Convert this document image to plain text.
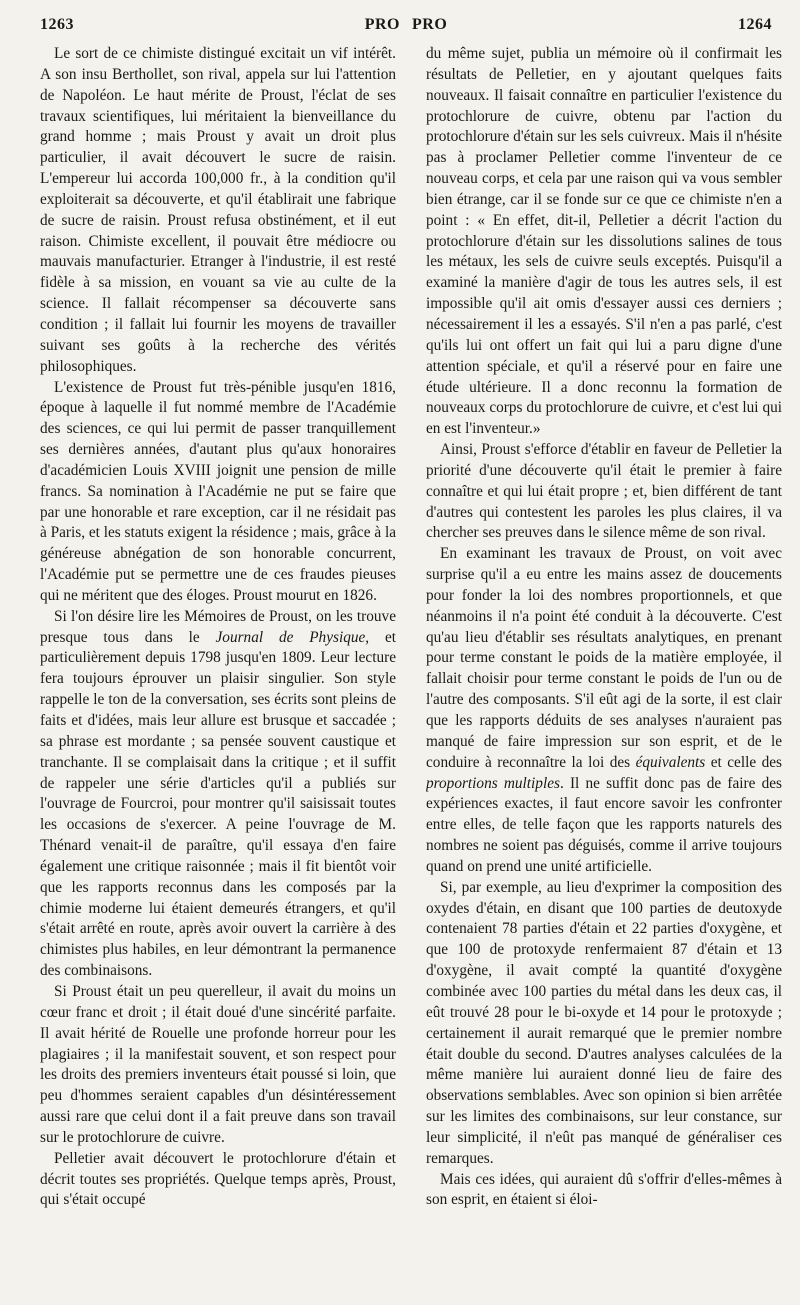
1263	PRO PRO	1264

Le sort de ce chimiste distingué excitait un vif intérêt. A son insu Berthollet, son rival, appela sur lui l'attention de Napoléon. Le haut mérite de Proust, l'éclat de ses travaux scientifiques, lui méritaient la bienveillance du grand homme ; mais Proust y avait un droit plus particulier, il avait découvert le sucre de raisin. L'empereur lui accorda 100,000 fr., à la condition qu'il exploiterait sa découverte, et qu'il établirait une fabrique de sucre de raisin. Proust refusa obstinément, et il eut raison. Chimiste excellent, il pouvait être médiocre ou mauvais manufacturier. Etranger à l'industrie, il est resté fidèle à sa mission, en vouant sa vie au culte de la science. Il fallait récompenser sa découverte sans condition ; il fallait lui fournir les moyens de travailler suivant ses goûts à la recherche des vérités philosophiques.

L'existence de Proust fut très-pénible jusqu'en 1816, époque à laquelle il fut nommé membre de l'Académie des sciences, ce qui lui permit de passer tranquillement ses dernières années, d'autant plus qu'aux honoraires d'académicien Louis XVIII joignit une pension de mille francs. Sa nomination à l'Académie ne put se faire que par une honorable et rare exception, car il ne résidait pas à Paris, et les statuts exigent la résidence ; mais, grâce à la généreuse abnégation de son honorable concurrent, l'Académie put se permettre une de ces fraudes pieuses qui ne méritent que des éloges. Proust mourut en 1826.

Si l'on désire lire les Mémoires de Proust, on les trouve presque tous dans le Journal de Physique, et particulièrement depuis 1798 jusqu'en 1809. Leur lecture fera toujours éprouver un plaisir singulier. Son style rappelle le ton de la conversation, ses écrits sont pleins de faits et d'idées, mais leur allure est brusque et saccadée ; sa phrase est mordante ; sa pensée souvent caustique et tranchante. Il se complaisait dans la critique ; et il suffit de rappeler une série d'articles qu'il a publiés sur l'ouvrage de Fourcroi, pour montrer qu'il saisissait toutes les occasions de s'exercer. A peine l'ouvrage de M. Thénard venait-il de paraître, qu'il essaya d'en faire également une critique raisonnée ; mais il fit bientôt voir que les rapports reconnus dans les composés par la chimie moderne lui étaient demeurés étrangers, et qu'il s'était arrêté en route, après avoir ouvert la carrière à des chimistes plus habiles, en leur démontrant la permanence des combinaisons.

Si Proust était un peu querelleur, il avait du moins un cœur franc et droit ; il était doué d'une sincérité parfaite. Il avait hérité de Rouelle une profonde horreur pour les plagiaires ; il la manifestait souvent, et son respect pour les droits des premiers inventeurs était poussé si loin, que peu d'hommes seraient capables d'un désintéressement aussi rare que celui dont il a fait preuve dans son travail sur le protochlorure de cuivre.

Pelletier avait découvert le protochlorure d'étain et décrit toutes ses propriétés. Quelque temps après, Proust, qui s'était occupé

du même sujet, publia un mémoire où il confirmait les résultats de Pelletier, en y ajoutant quelques faits nouveaux. Il faisait connaître en particulier l'existence du protochlorure de cuivre, obtenu par l'action du protochlorure d'étain sur les sels cuivreux. Mais il n'hésite pas à proclamer Pelletier comme l'inventeur de ce nouveau corps, et cela par une raison qui va vous sembler bien étrange, car il se fonde sur ce que ce chimiste n'en a point : « En effet, dit-il, Pelletier a décrit l'action du protochlorure d'étain sur les dissolutions salines de tous les métaux, les sels de cuivre seuls exceptés. Puisqu'il a examiné la manière d'agir de tous les autres sels, il est impossible qu'il ait omis d'essayer aussi ces derniers ; nécessairement il les a essayés. S'il n'en a pas parlé, c'est qu'ils lui ont offert un fait qui lui a paru digne d'une attention spéciale, et qu'il a réservé pour en faire une étude ultérieure. Il a donc reconnu la formation de nouveaux corps du protochlorure de cuivre, et c'est lui qui en est l'inventeur.»

Ainsi, Proust s'efforce d'établir en faveur de Pelletier la priorité d'une découverte qu'il était le premier à faire connaître et qui lui était propre ; et, bien différent de tant d'autres qui contestent les paroles les plus claires, il va chercher ses preuves dans le silence même de son rival.

En examinant les travaux de Proust, on voit avec surprise qu'il a eu entre les mains assez de doucements pour fonder la loi des nombres proportionnels, et que néanmoins il n'a point été conduit à la découverte. C'est qu'au lieu d'établir ses résultats analytiques, en prenant pour terme constant le poids de la matière employée, il fallait choisir pour terme constant le poids de l'un ou de l'autre des composants. S'il eût agi de la sorte, il est clair que les rapports déduits de ses analyses n'auraient pas manqué de faire impression sur son esprit, et de le conduire à reconnaître la loi des équivalents et celle des proportions multiples. Il ne suffit donc pas de faire des expériences exactes, il faut encore savoir les confronter entre elles, de telle façon que les rapports naturels des nombres ne soient pas déguisés, comme il arrive toujours quand on prend une unité artificielle.

Si, par exemple, au lieu d'exprimer la composition des oxydes d'étain, en disant que 100 parties de deutoxyde contenaient 78 parties d'étain et 22 parties d'oxygène, et que 100 de protoxyde renfermaient 87 d'étain et 13 d'oxygène, il avait compté la quantité d'oxygène combinée avec 100 parties du métal dans les deux cas, il eût trouvé 28 pour le bi-oxyde et 14 pour le protoxyde ; certainement il aurait remarqué que le premier nombre était double du second. D'autres analyses calculées de la même manière lui auraient donné lieu de faire des observations semblables. Avec son opinion si bien arrêtée sur les limites des combinaisons, sur leur constance, sur leur simplicité, il n'eût pas manqué de généraliser ces remarques.

Mais ces idées, qui auraient dû s'offrir d'elles-mêmes à son esprit, en étaient si éloi-
